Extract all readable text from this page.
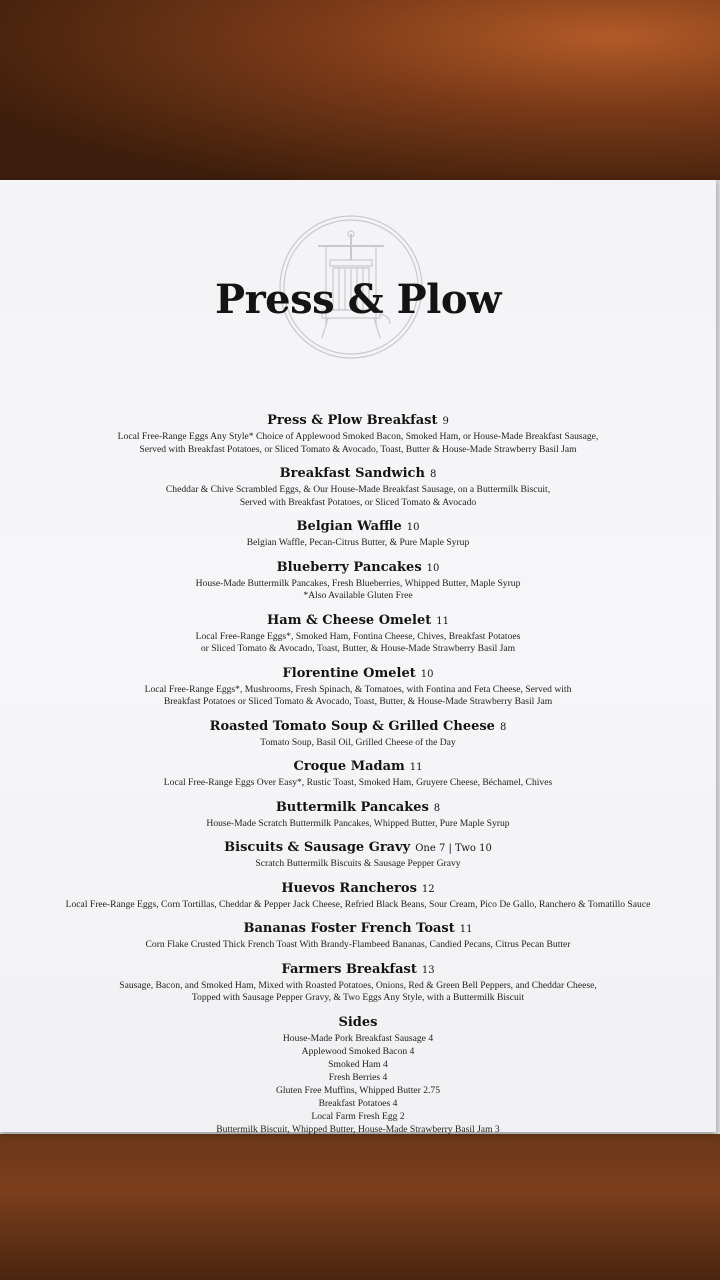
Press & Plow
Press & Plow Breakfast 9
Local Free-Range Eggs Any Style* Choice of Applewood Smoked Bacon, Smoked Ham, or House-Made Breakfast Sausage,
Served with Breakfast Potatoes, or Sliced Tomato & Avocado, Toast, Butter & House-Made Strawberry Basil Jam
Breakfast Sandwich 8
Cheddar & Chive Scrambled Eggs, & Our House-Made Breakfast Sausage, on a Buttermilk Biscuit,
Served with Breakfast Potatoes, or Sliced Tomato & Avocado
Belgian Waffle 10
Belgian Waffle, Pecan-Citrus Butter, & Pure Maple Syrup
Blueberry Pancakes 10
House-Made Buttermilk Pancakes, Fresh Blueberries, Whipped Butter, Maple Syrup
*Also Available Gluten Free
Ham & Cheese Omelet 11
Local Free-Range Eggs*, Smoked Ham, Fontina Cheese, Chives, Breakfast Potatoes
or Sliced Tomato & Avocado, Toast, Butter, & House-Made Strawberry Basil Jam
Florentine Omelet 10
Local Free-Range Eggs*, Mushrooms, Fresh Spinach, & Tomatoes, with Fontina and Feta Cheese, Served with
Breakfast Potatoes or Sliced Tomato & Avocado, Toast, Butter, & House-Made Strawberry Basil Jam
Roasted Tomato Soup & Grilled Cheese 8
Tomato Soup, Basil Oil, Grilled Cheese of the Day
Croque Madam 11
Local Free-Range Eggs Over Easy*, Rustic Toast, Smoked Ham, Gruyere Cheese, Béchamel, Chives
Buttermilk Pancakes 8
House-Made Scratch Buttermilk Pancakes, Whipped Butter, Pure Maple Syrup
Biscuits & Sausage Gravy One 7 | Two 10
Scratch Buttermilk Biscuits & Sausage Pepper Gravy
Huevos Rancheros 12
Local Free-Range Eggs, Corn Tortillas, Cheddar & Pepper Jack Cheese, Refried Black Beans, Sour Cream, Pico De Gallo, Ranchero & Tomatillo Sauce
Bananas Foster French Toast 11
Corn Flake Crusted Thick French Toast With Brandy-Flambeed Bananas, Candied Pecans, Citrus Pecan Butter
Farmers Breakfast 13
Sausage, Bacon, and Smoked Ham, Mixed with Roasted Potatoes, Onions, Red & Green Bell Peppers, and Cheddar Cheese,
Topped with Sausage Pepper Gravy, & Two Eggs Any Style, with a Buttermilk Biscuit
Sides
House-Made Pork Breakfast Sausage 4
Applewood Smoked Bacon 4
Smoked Ham 4
Fresh Berries 4
Gluten Free Muffins, Whipped Butter 2.75
Breakfast Potatoes 4
Local Farm Fresh Egg 2
Buttermilk Biscuit, Whipped Butter, House-Made Strawberry Basil Jam 3
